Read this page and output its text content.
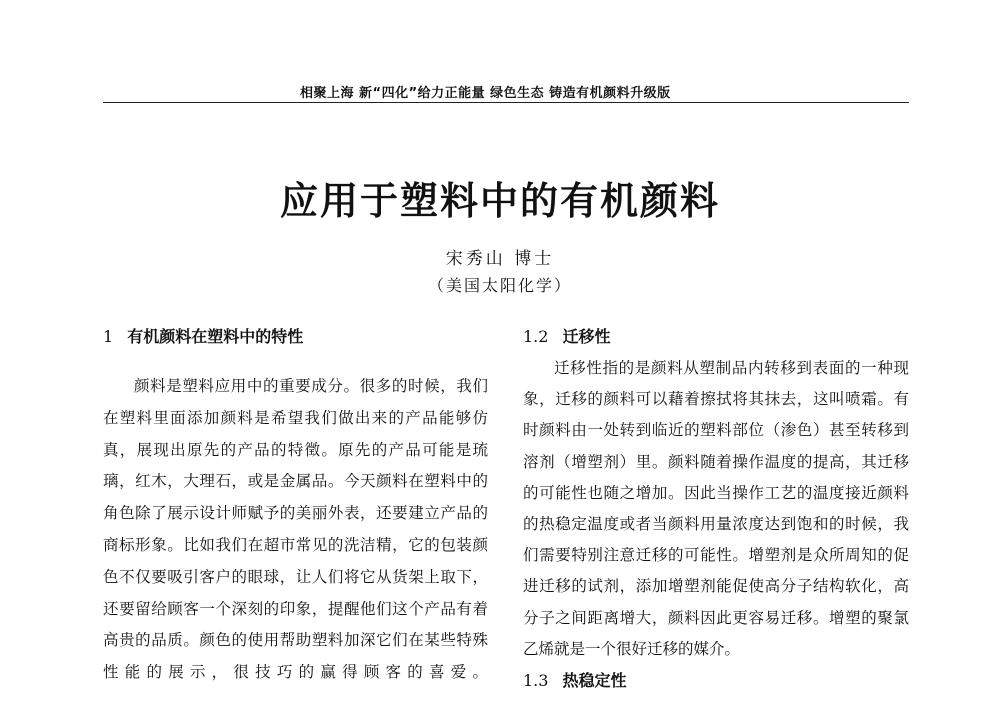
相聚上海 新“四化”给力正能量 绿色生态 铸造有机颜料升级版
应用于塑料中的有机颜料
宋秀山 博士
（美国太阳化学）
1 有机颜料在塑料中的特性

颜料是塑料应用中的重要成分。很多的时候，我们在塑料里面添加颜料是希望我们做出来的产品能够仿真，展现出原先的产品的特徵。原先的产品可能是琉璃，红木，大理石，或是金属品。今天颜料在塑料中的角色除了展示设计师赋予的美丽外表，还要建立产品的商标形象。比如我们在超市常见的洗洁精，它的包装颜色不仅要吸引客户的眼球，让人们将它从货架上取下，还要留给顾客一个深刻的印象，提醒他们这个产品有着高贵的品质。颜色的使用帮助塑料加深它们在某些特殊性能的展示，很技巧的赢得顾客的喜爱。

1.2 迁移性

迁移性指的是颜料从塑制品内转移到表面的一种现象，迁移的颜料可以藉着擦拭将其抹去，这叫喷霜。有时颜料由一处转到临近的塑料部位（渗色）甚至转移到溶剂（增塑剂）里。颜料随着操作温度的提高，其迁移的可能性也随之增加。因此当操作工艺的温度接近颜料的热稳定温度或者当颜料用量浓度达到饱和的时候，我们需要特别注意迁移的可能性。增塑剂是众所周知的促进迁移的试剂，添加增塑剂能促使高分子结构软化，高分子之间距离增大，颜料因此更容易迁移。增塑的聚氯乙烯就是一个很好迁移的媒介。

1.3 热稳定性
